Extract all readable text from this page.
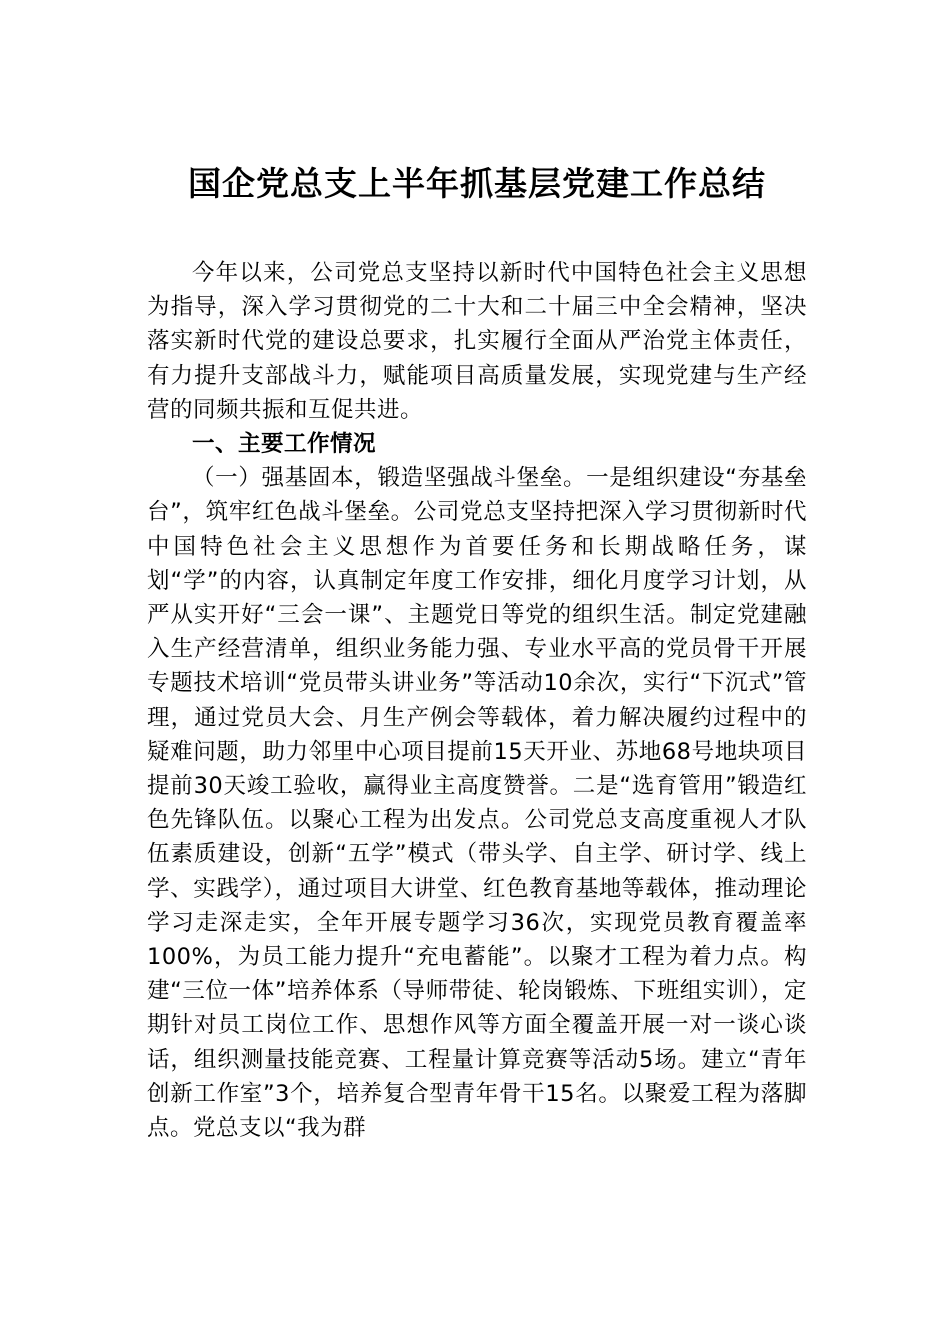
国企党总支上半年抓基层党建工作总结

今年以来，公司党总支坚持以新时代中国特色社会主义思想为指导，深入学习贯彻党的二十大和二十届三中全会精神，坚决落实新时代党的建设总要求，扎实履行全面从严治党主体责任，有力提升支部战斗力，赋能项目高质量发展，实现党建与生产经营的同频共振和互促共进。

一、主要工作情况

（一）强基固本，锻造坚强战斗堡垒。一是组织建设“夯基垒台”，筑牢红色战斗堡垒。公司党总支坚持把深入学习贯彻新时代中国特色社会主义思想作为首要任务和长期战略任务，谋划“学”的内容，认真制定年度工作安排，细化月度学习计划，从严从实开好“三会一课”、主题党日等党的组织生活。制定党建融入生产经营清单，组织业务能力强、专业水平高的党员骨干开展专题技术培训“党员带头讲业务”等活动10余次，实行“下沉式”管理，通过党员大会、月生产例会等载体，着力解决履约过程中的疑难问题，助力邻里中心项目提前15天开业、苏地68号地块项目提前30天竣工验收，赢得业主高度赞誉。二是“选育管用”锻造红色先锋队伍。以聚心工程为出发点。公司党总支高度重视人才队伍素质建设，创新“五学”模式（带头学、自主学、研讨学、线上学、实践学），通过项目大讲堂、红色教育基地等载体，推动理论学习走深走实，全年开展专题学习36次，实现党员教育覆盖率100%，为员工能力提升“充电蓄能”。以聚才工程为着力点。构建“三位一体”培养体系（导师带徒、轮岗锻炼、下班组实训），定期针对员工岗位工作、思想作风等方面全覆盖开展一对一谈心谈话，组织测量技能竞赛、工程量计算竞赛等活动5场。建立“青年创新工作室”3个，培养复合型青年骨干15名。以聚爱工程为落脚点。党总支以“我为群
